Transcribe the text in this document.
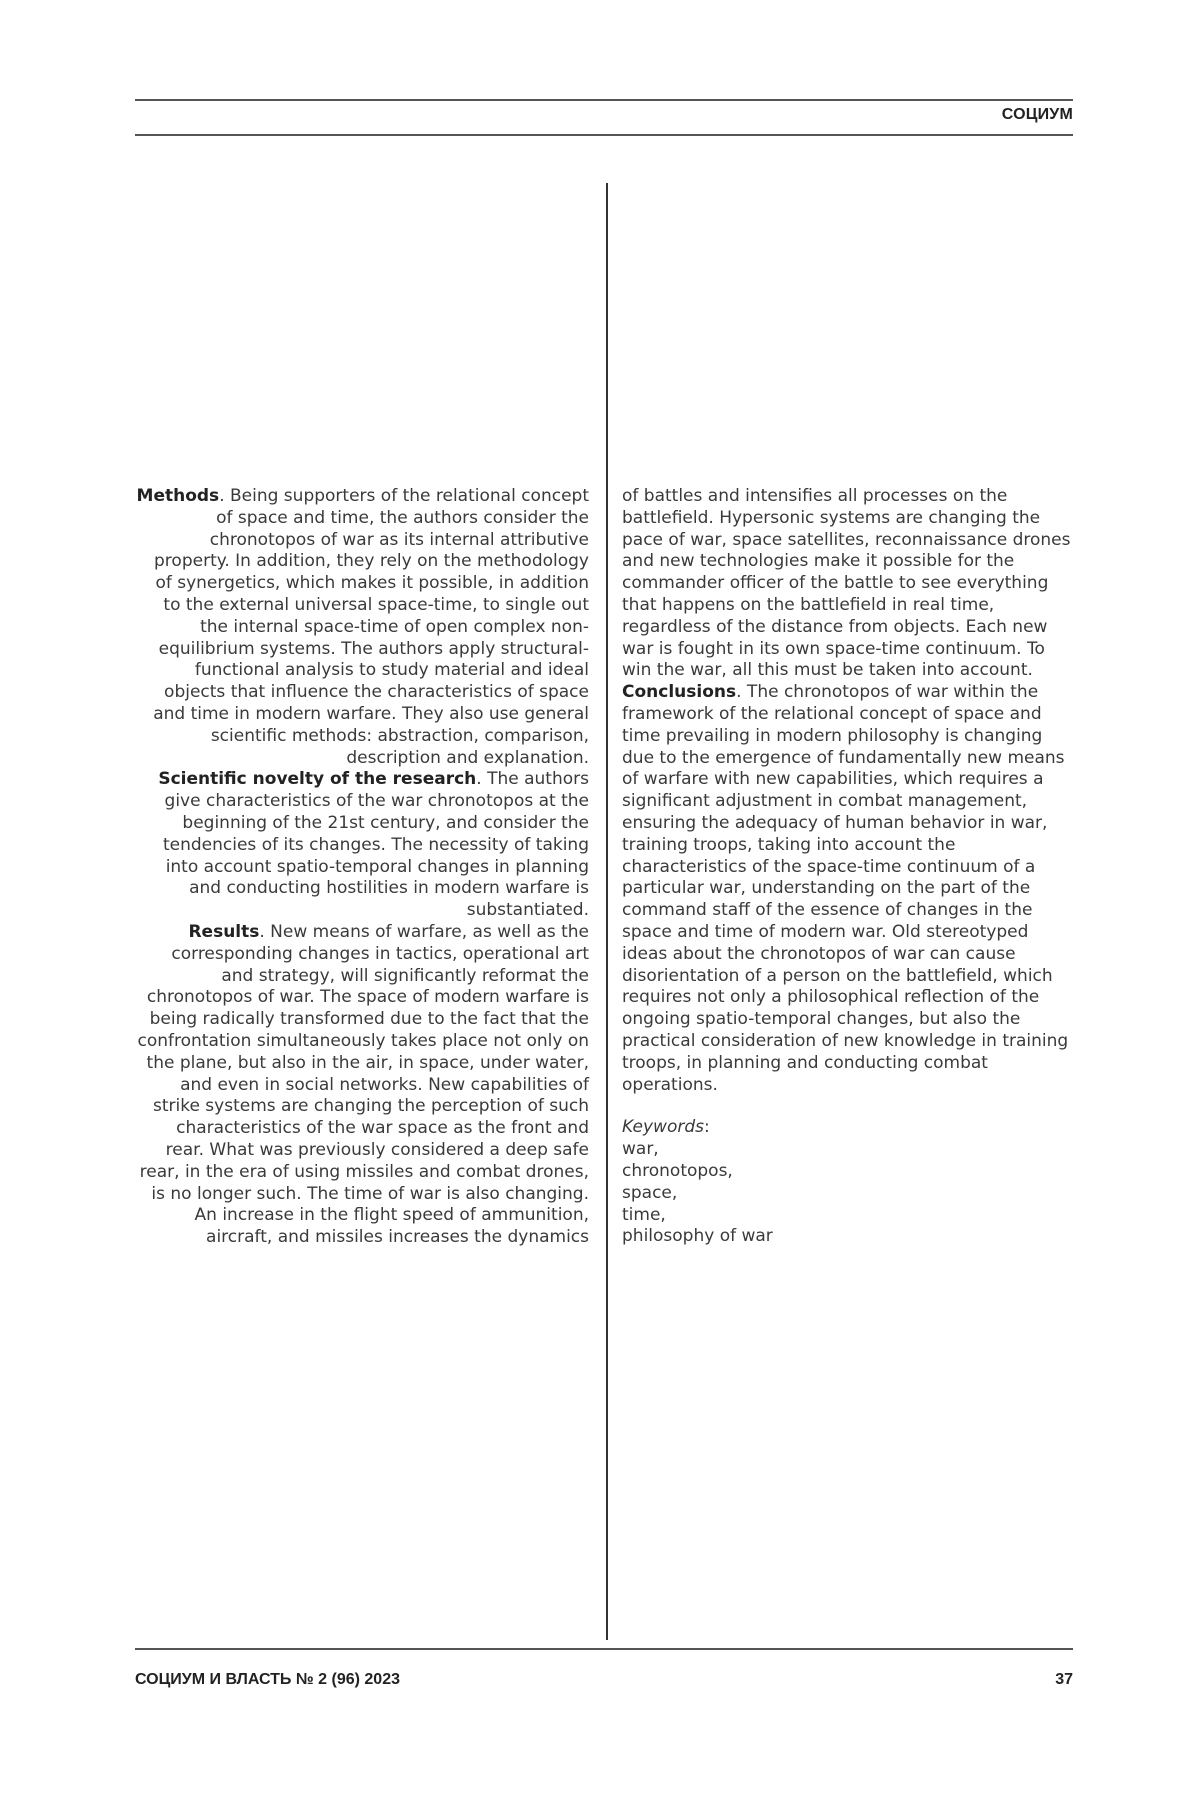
СОЦИУМ

Methods. Being supporters of the relational concept of space and time, the authors consider the chronotopos of war as its internal attributive property. In addition, they rely on the methodology of synergetics, which makes it possible, in addition to the external universal space-time, to single out the internal space-time of open complex non-equilibrium systems. The authors apply structural-functional analysis to study material and ideal objects that influence the characteristics of space and time in modern warfare. They also use general scientific methods: abstraction, comparison, description and explanation.

Scientific novelty of the research. The authors give characteristics of the war chronotopos at the beginning of the 21st century, and consider the tendencies of its changes. The necessity of taking into account spatio-temporal changes in planning and conducting hostilities in modern warfare is substantiated.

Results. New means of warfare, as well as the corresponding changes in tactics, operational art and strategy, will significantly reformat the chronotopos of war. The space of modern warfare is being radically transformed due to the fact that the confrontation simultaneously takes place not only on the plane, but also in the air, in space, under water, and even in social networks. New capabilities of strike systems are changing the perception of such characteristics of the war space as the front and rear. What was previously considered a deep safe rear, in the era of using missiles and combat drones, is no longer such. The time of war is also changing. An increase in the flight speed of ammunition, aircraft, and missiles increases the dynamics

of battles and intensifies all processes on the battlefield. Hypersonic systems are changing the pace of war, space satellites, reconnaissance drones and new technologies make it possible for the commander officer of the battle to see everything that happens on the battlefield in real time, regardless of the distance from objects. Each new war is fought in its own space-time continuum. To win the war, all this must be taken into account.

Conclusions. The chronotopos of war within the framework of the relational concept of space and time prevailing in modern philosophy is changing due to the emergence of fundamentally new means of warfare with new capabilities, which requires a significant adjustment in combat management, ensuring the adequacy of human behavior in war, training troops, taking into account the characteristics of the space-time continuum of a particular war, understanding on the part of the command staff of the essence of changes in the space and time of modern war. Old stereotyped ideas about the chronotopos of war can cause disorientation of a person on the battlefield, which requires not only a philosophical reflection of the ongoing spatio-temporal changes, but also the practical consideration of new knowledge in training troops, in planning and conducting combat operations.

Keywords:
war,
chronotopos,
space,
time,
philosophy of war
СОЦИУМ И ВЛАСТЬ № 2 (96) 2023	37
